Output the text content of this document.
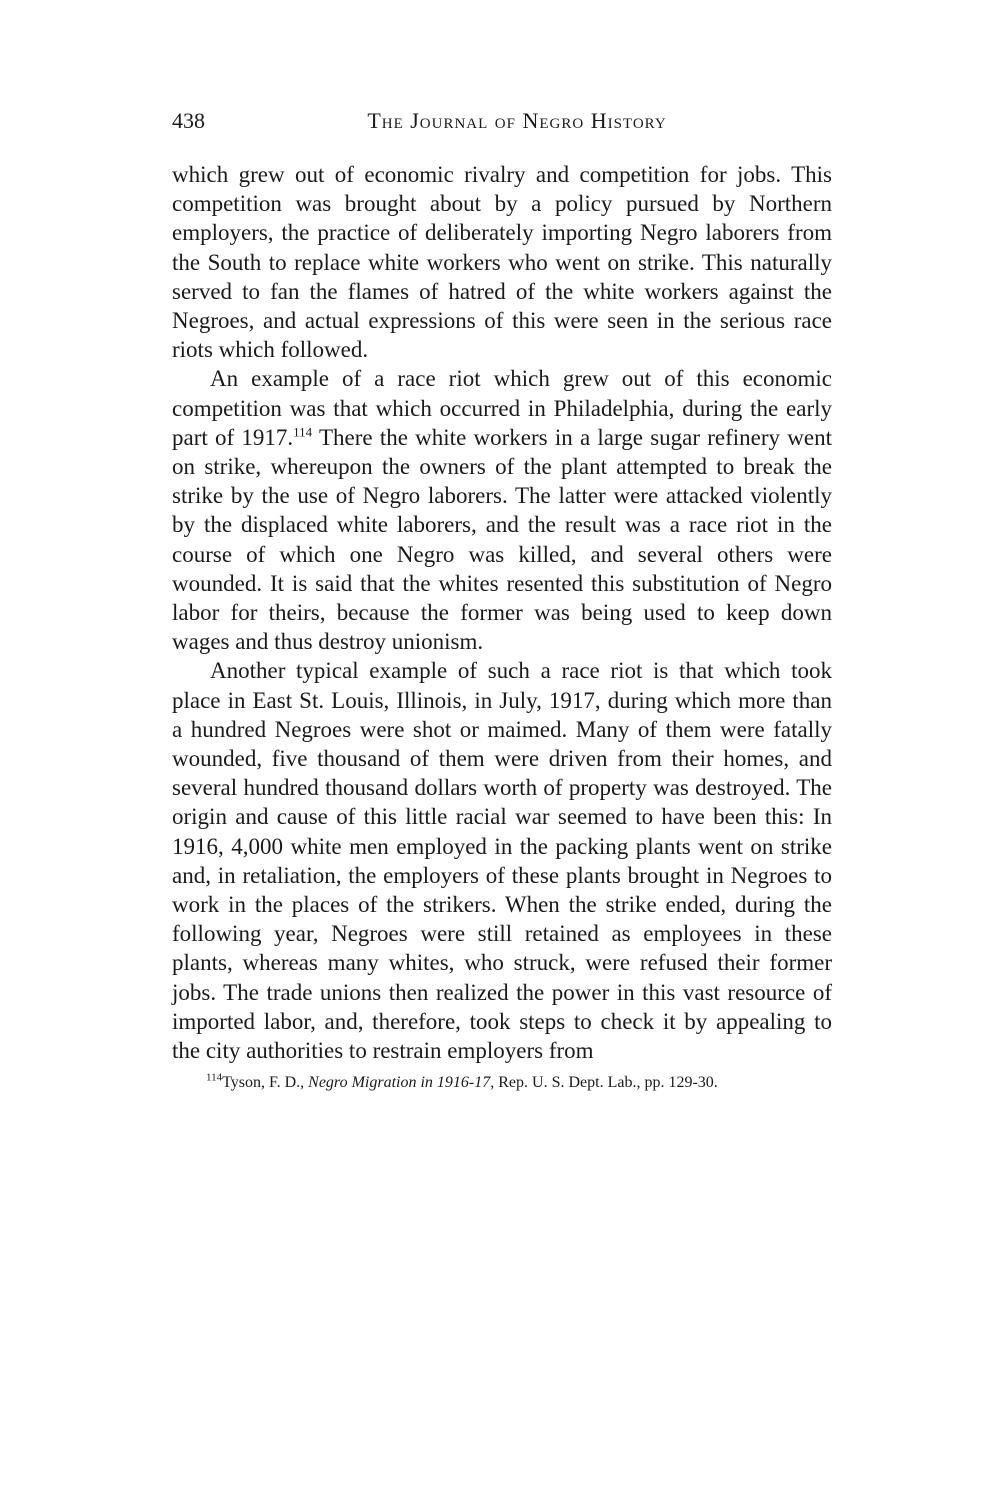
438	The Journal of Negro History

which grew out of economic rivalry and competition for jobs. This competition was brought about by a policy pursued by Northern employers, the practice of deliberately importing Negro laborers from the South to replace white workers who went on strike. This naturally served to fan the flames of hatred of the white workers against the Negroes, and actual expressions of this were seen in the serious race riots which followed.

An example of a race riot which grew out of this economic competition was that which occurred in Philadelphia, during the early part of 1917.$^{114}$ There the white workers in a large sugar refinery went on strike, whereupon the owners of the plant attempted to break the strike by the use of Negro laborers. The latter were attacked violently by the displaced white laborers, and the result was a race riot in the course of which one Negro was killed, and several others were wounded. It is said that the whites resented this substitution of Negro labor for theirs, because the former was being used to keep down wages and thus destroy unionism.

Another typical example of such a race riot is that which took place in East St. Louis, Illinois, in July, 1917, during which more than a hundred Negroes were shot or maimed. Many of them were fatally wounded, five thousand of them were driven from their homes, and several hundred thousand dollars worth of property was destroyed. The origin and cause of this little racial war seemed to have been this: In 1916, 4,000 white men employed in the packing plants went on strike and, in retaliation, the employers of these plants brought in Negroes to work in the places of the strikers. When the strike ended, during the following year, Negroes were still retained as employees in these plants, whereas many whites, who struck, were refused their former jobs. The trade unions then realized the power in this vast resource of imported labor, and, therefore, took steps to check it by appealing to the city authorities to restrain employers from

$^{114}$Tyson, F. D., Negro Migration in 1916-17, Rep. U. S. Dept. Lab., pp. 129-30.
